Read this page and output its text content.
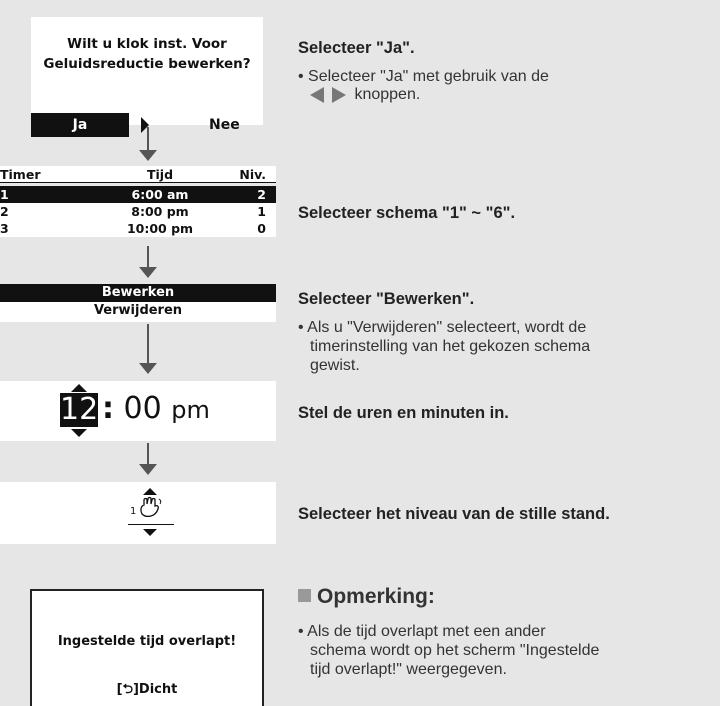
Wilt u klok inst. Voor
Geluidsreductie bewerken?
Ja	Nee
Timer	Tijd	Niv.
1	6:00 am	2
2	8:00 pm	1
3	10:00 pm	0
Bewerken
Verwijderen
12 : 00 pm
1
Ingestelde tijd overlapt!
[⮌]Dicht
Selecteer "Ja".
• Selecteer "Ja" met gebruik van de
knoppen.
Selecteer schema "1" ~ "6".
Selecteer "Bewerken".
• Als u "Verwijderen" selecteert, wordt de
timerinstelling van het gekozen schema
gewist.
Stel de uren en minuten in.
Selecteer het niveau van de stille stand.
Opmerking:
• Als de tijd overlapt met een ander
schema wordt op het scherm "Ingestelde
tijd overlapt!" weergegeven.
